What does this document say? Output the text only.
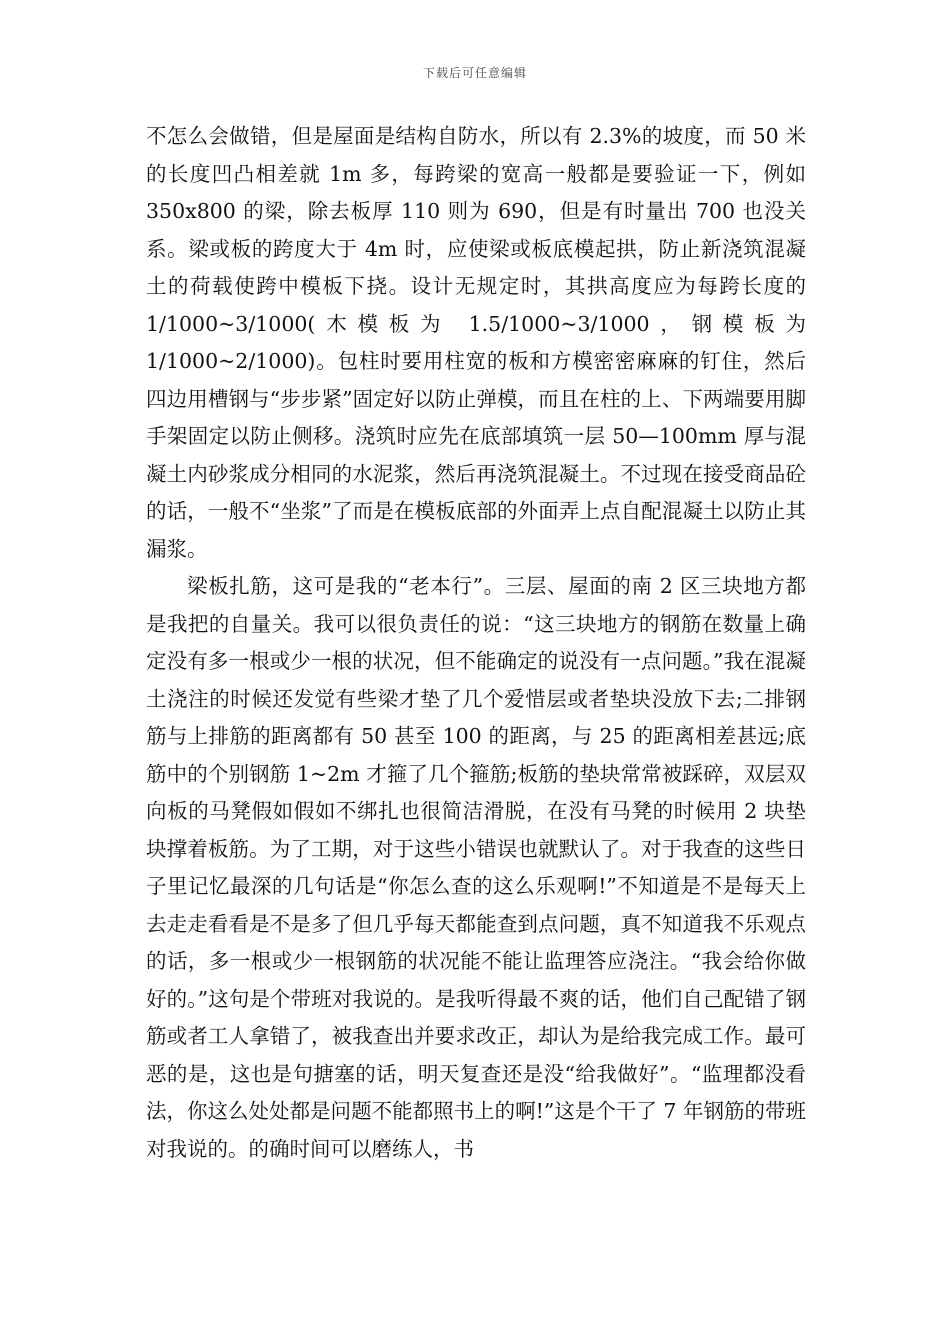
下载后可任意编辑

不怎么会做错，但是屋面是结构自防水，所以有 2.3%的坡度，而 50 米的长度凹凸相差就 1m 多，每跨梁的宽高一般都是要验证一下，例如 350x800 的梁，除去板厚 110 则为 690，但是有时量出 700 也没关系。梁或板的跨度大于 4m 时，应使梁或板底模起拱，防止新浇筑混凝土的荷载使跨中模板下挠。设计无规定时，其拱高度应为每跨长度的 1/1000~3/1000(木模板为 1.5/1000~3/1000，钢模板为 1/1000~2/1000)。包柱时要用柱宽的板和方模密密麻麻的钉住，然后四边用槽钢与“步步紧”固定好以防止弹模，而且在柱的上、下两端要用脚手架固定以防止侧移。浇筑时应先在底部填筑一层 50—100mm 厚与混凝土内砂浆成分相同的水泥浆，然后再浇筑混凝土。不过现在接受商品砼的话，一般不“坐浆”了而是在模板底部的外面弄上点自配混凝土以防止其漏浆。

梁板扎筋，这可是我的“老本行”。三层、屋面的南 2 区三块地方都是我把的自量关。我可以很负责任的说：“这三块地方的钢筋在数量上确定没有多一根或少一根的状况，但不能确定的说没有一点问题。”我在混凝土浇注的时候还发觉有些梁才垫了几个爱惜层或者垫块没放下去;二排钢筋与上排筋的距离都有 50 甚至 100 的距离，与 25 的距离相差甚远;底筋中的个别钢筋 1~2m 才箍了几个箍筋;板筋的垫块常常被踩碎，双层双向板的马凳假如假如不绑扎也很简洁滑脱，在没有马凳的时候用 2 块垫块撑着板筋。为了工期，对于这些小错误也就默认了。对于我查的这些日子里记忆最深的几句话是“你怎么查的这么乐观啊!”不知道是不是每天上去走走看看是不是多了但几乎每天都能查到点问题，真不知道我不乐观点的话，多一根或少一根钢筋的状况能不能让监理答应浇注。“我会给你做好的。”这句是个带班对我说的。是我听得最不爽的话，他们自己配错了钢筋或者工人拿错了，被我查出并要求改正，却认为是给我完成工作。最可恶的是，这也是句搪塞的话，明天复查还是没“给我做好”。“监理都没看法，你这么处处都是问题不能都照书上的啊!”这是个干了 7 年钢筋的带班对我说的。的确时间可以磨练人，书
